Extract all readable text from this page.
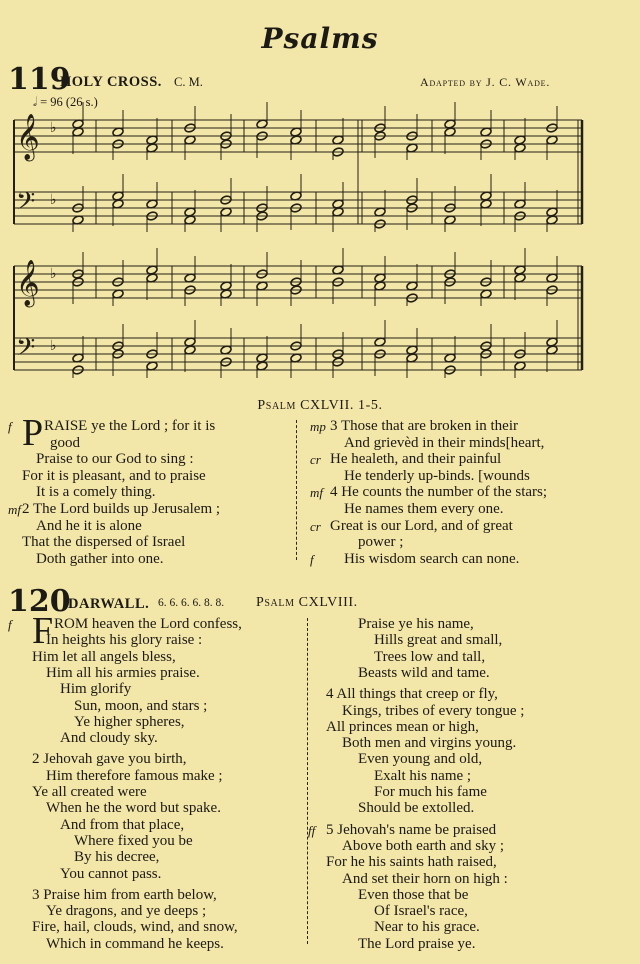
Psalms
119
HOLY CROSS. C. M.	Adapted by J. C. Wade.
𝅗𝅥 = 96 (26 s.)
𝄞 ♭
𝄢 ♭
𝄞 ♭
𝄢 ♭
Psalm CXLVII. 1-5.
f P RAISE ye the Lord ; for it is
good
Praise to our God to sing :
For it is pleasant, and to praise
It is a comely thing.
mf 2 The Lord builds up Jerusalem ;
And he it is alone
That the dispersed of Israel
Doth gather into one.
mp 3 Those that are broken in their
And grievèd in their minds[heart,
cr He healeth, and their painful
He tenderly up-binds. [wounds
mf 4 He counts the number of the stars;
He names them every one.
cr Great is our Lord, and of great
power ;
f His wisdom search can none.
120
DARWALL. 6. 6. 6. 6. 8. 8. Psalm CXLVIII.
f F ROM heaven the Lord confess,
In heights his glory raise :
Him let all angels bless,
Him all his armies praise.
Him glorify
Sun, moon, and stars ;
Ye higher spheres,
And cloudy sky.
2 Jehovah gave you birth,
Him therefore famous make ;
Ye all created were
When he the word but spake.
And from that place,
Where fixed you be
By his decree,
You cannot pass.
3 Praise him from earth below,
Ye dragons, and ye deeps ;
Fire, hail, clouds, wind, and snow,
Which in command he keeps.
Praise ye his name,
Hills great and small,
Trees low and tall,
Beasts wild and tame.
4 All things that creep or fly,
Kings, tribes of every tongue ;
All princes mean or high,
Both men and virgins young.
Even young and old,
Exalt his name ;
For much his fame
Should be extolled.
ff 5 Jehovah's name be praised
Above both earth and sky ;
For he his saints hath raised,
And set their horn on high :
Even those that be
Of Israel's race,
Near to his grace.
The Lord praise ye.
